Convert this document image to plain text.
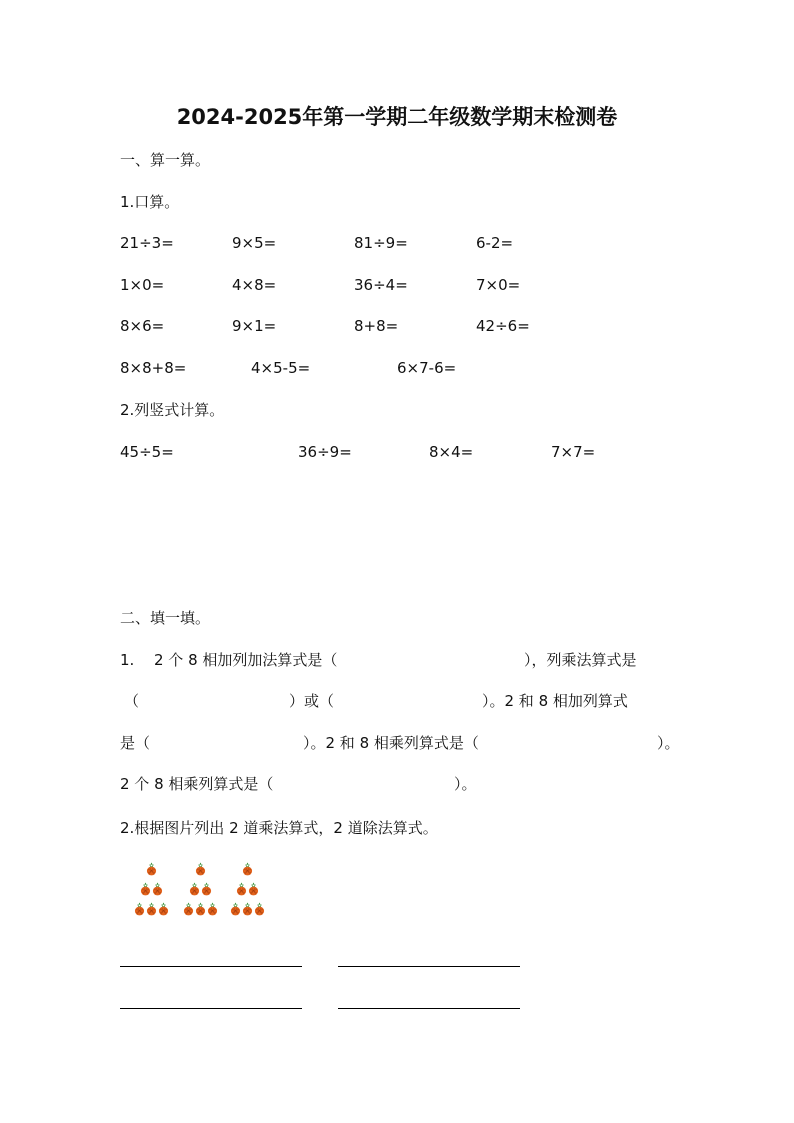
2024-2025年第一学期二年级数学期末检测卷
一、算一算。
1.口算。
21÷3=	9×5=	81÷9=	6-2=
1×0=	4×8=	36÷4=	7×0=
8×6=	9×1=	8+8=	42÷6=
8×8+8=	4×5-5=	6×7-6=
2.列竖式计算。
45÷5=	36÷9=	8×4=	7×7=
二、填一填。
1. 2 个 8 相加列加法算式是（	），列乘法算式是
（	）或（	）。2 和 8 相加列算式
是（	）。2 和 8 相乘列算式是（	）。
2 个 8 相乘列算式是（	）。
2.根据图片列出 2 道乘法算式，2 道除法算式。
